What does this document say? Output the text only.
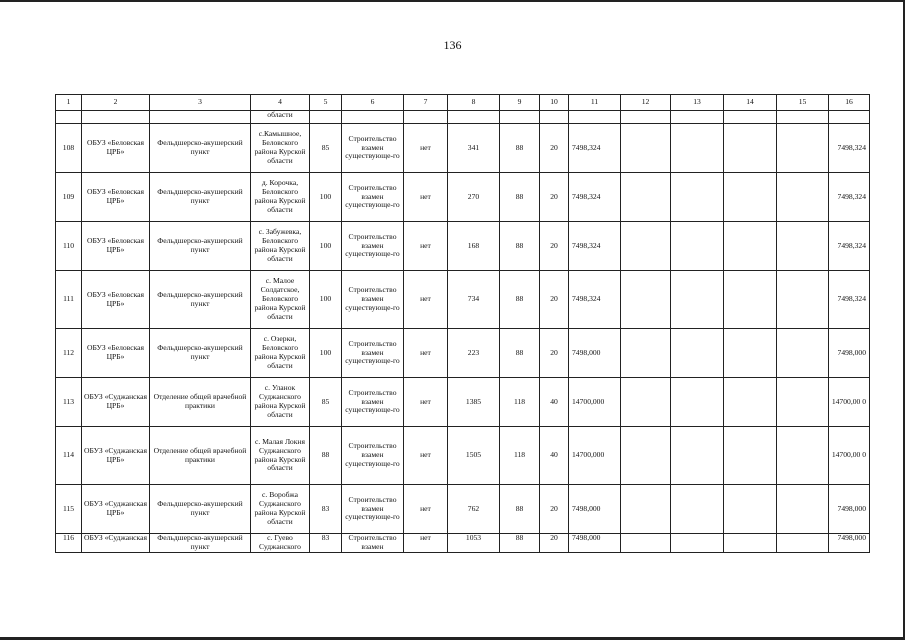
136
1	2	3	4	5	6	7	8	9	10	11	12	13	14	15	16
			области												
108	ОБУЗ «Беловская ЦРБ»	Фельдшерско-акушерский пункт	с.Камышное, Беловского района Курской области	85	Строительство взамен существующе-го	нет	341	88	20	7498,324					7498,324
109	ОБУЗ «Беловская ЦРБ»	Фельдшерско-акушерский пункт	д. Корочка, Беловского района Курской области	100	Строительство взамен существующе-го	нет	270	88	20	7498,324					7498,324
110	ОБУЗ «Беловская ЦРБ»	Фельдшерско-акушерский пункт	с. Забужевка, Беловского района Курской области	100	Строительство взамен существующе-го	нет	168	88	20	7498,324					7498,324
111	ОБУЗ «Беловская ЦРБ»	Фельдшерско-акушерский пункт	с. Малое Солдатское, Беловского района Курской области	100	Строительство взамен существующе-го	нет	734	88	20	7498,324					7498,324
112	ОБУЗ «Беловская ЦРБ»	Фельдшерско-акушерский пункт	с. Озерки, Беловского района Курской области	100	Строительство взамен существующе-го	нет	223	88	20	7498,000					7498,000
113	ОБУЗ «Суджанская ЦРБ»	Отделение общей врачебной практики	с. Уланок Суджанского района Курской области	85	Строительство взамен существующе-го	нет	1385	118	40	14700,000					14700,00 0
114	ОБУЗ «Суджанская ЦРБ»	Отделение общей врачебной практики	с. Малая Локня Суджанского района Курской области	88	Строительство взамен существующе-го	нет	1505	118	40	14700,000					14700,00 0
115	ОБУЗ «Суджанская ЦРБ»	Фельдшерско-акушерский пункт	с. Воробжа Суджанского района Курской области	83	Строительство взамен существующе-го	нет	762	88	20	7498,000					7498,000
116	ОБУЗ «Суджанская	Фельдшерско-акушерский пункт	с. Гуево Суджанского	83	Строительство взамен	нет	1053	88	20	7498,000					7498,000
